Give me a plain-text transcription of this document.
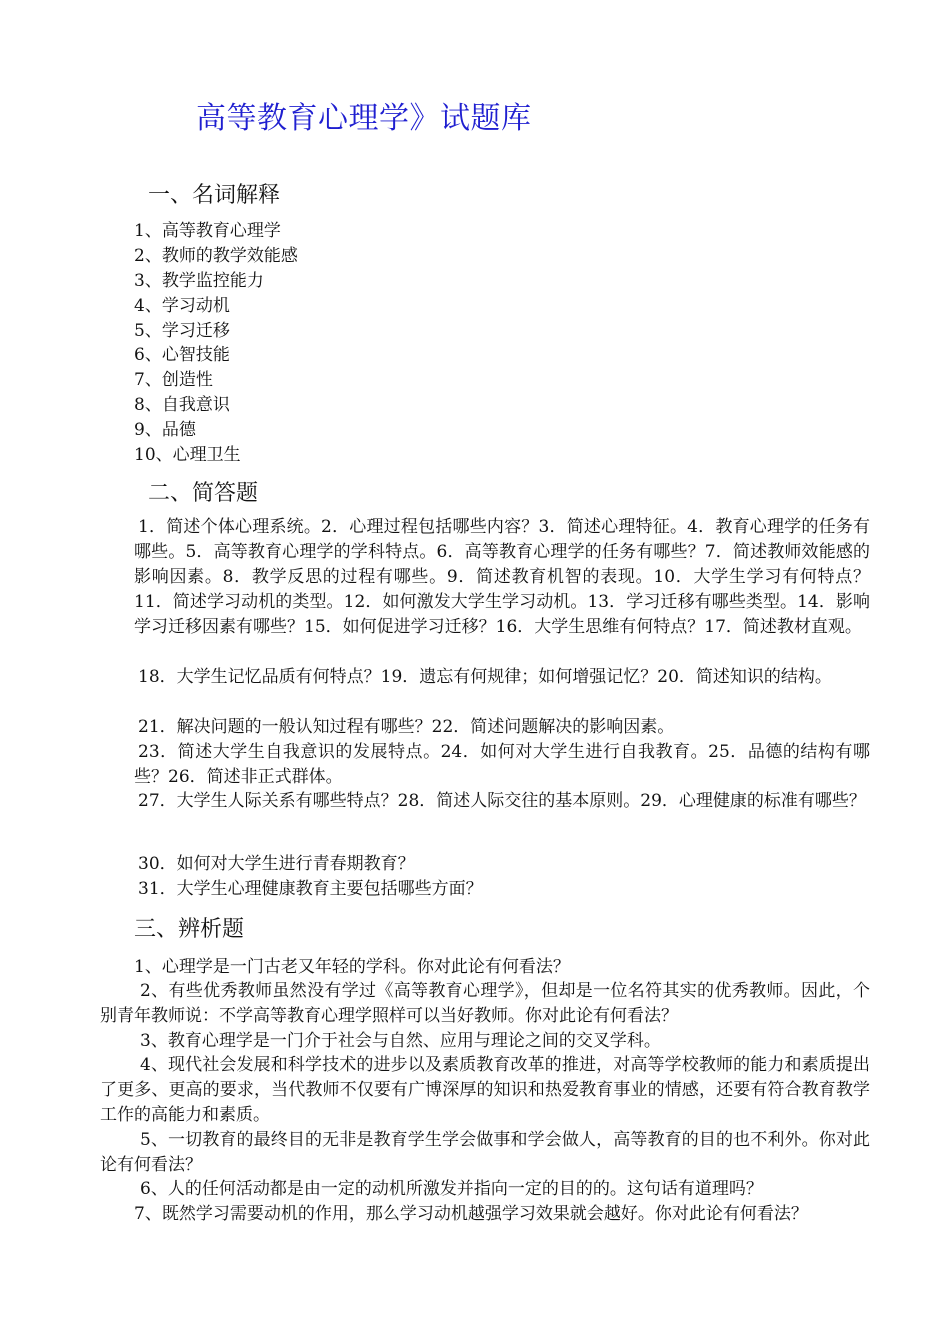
高等教育心理学》试题库
一、名词解释
1、高等教育心理学
2、教师的教学效能感
3、教学监控能力
4、学习动机
5、学习迁移
6、心智技能
7、创造性
8、自我意识
9、品德
10、心理卫生
二、简答题

1．简述个体心理系统。2．心理过程包括哪些内容？3．简述心理特征。4．教育心理学的任务有哪些。5．高等教育心理学的学科特点。6．高等教育心理学的任务有哪些？7．简述教师效能感的影响因素。8．教学反思的过程有哪些。9．简述教育机智的表现。10．大学生学习有何特点？11．简述学习动机的类型。12．如何激发大学生学习动机。13．学习迁移有哪些类型。14．影响学习迁移因素有哪些？15．如何促进学习迁移？16．大学生思维有何特点？17．简述教材直观。

18．大学生记忆品质有何特点？19．遗忘有何规律；如何增强记忆？20．简述知识的结构。

21．解决问题的一般认知过程有哪些？22．简述问题解决的影响因素。

23．简述大学生自我意识的发展特点。24．如何对大学生进行自我教育。25．品德的结构有哪些？26．简述非正式群体。

27．大学生人际关系有哪些特点？28．简述人际交往的基本原则。29．心理健康的标准有哪些？

30．如何对大学生进行青春期教育？

31．大学生心理健康教育主要包括哪些方面？

三、辨析题

1、心理学是一门古老又年轻的学科。你对此论有何看法？

2、有些优秀教师虽然没有学过《高等教育心理学》，但却是一位名符其实的优秀教师。因此，个别青年教师说：不学高等教育心理学照样可以当好教师。你对此论有何看法？

3、教育心理学是一门介于社会与自然、应用与理论之间的交叉学科。

4、现代社会发展和科学技术的进步以及素质教育改革的推进，对高等学校教师的能力和素质提出了更多、更高的要求，当代教师不仅要有广博深厚的知识和热爱教育事业的情感，还要有符合教育教学工作的高能力和素质。

5、一切教育的最终目的无非是教育学生学会做事和学会做人，高等教育的目的也不利外。你对此论有何看法？

6、人的任何活动都是由一定的动机所激发并指向一定的目的的。这句话有道理吗？

7、既然学习需要动机的作用，那么学习动机越强学习效果就会越好。你对此论有何看法？
